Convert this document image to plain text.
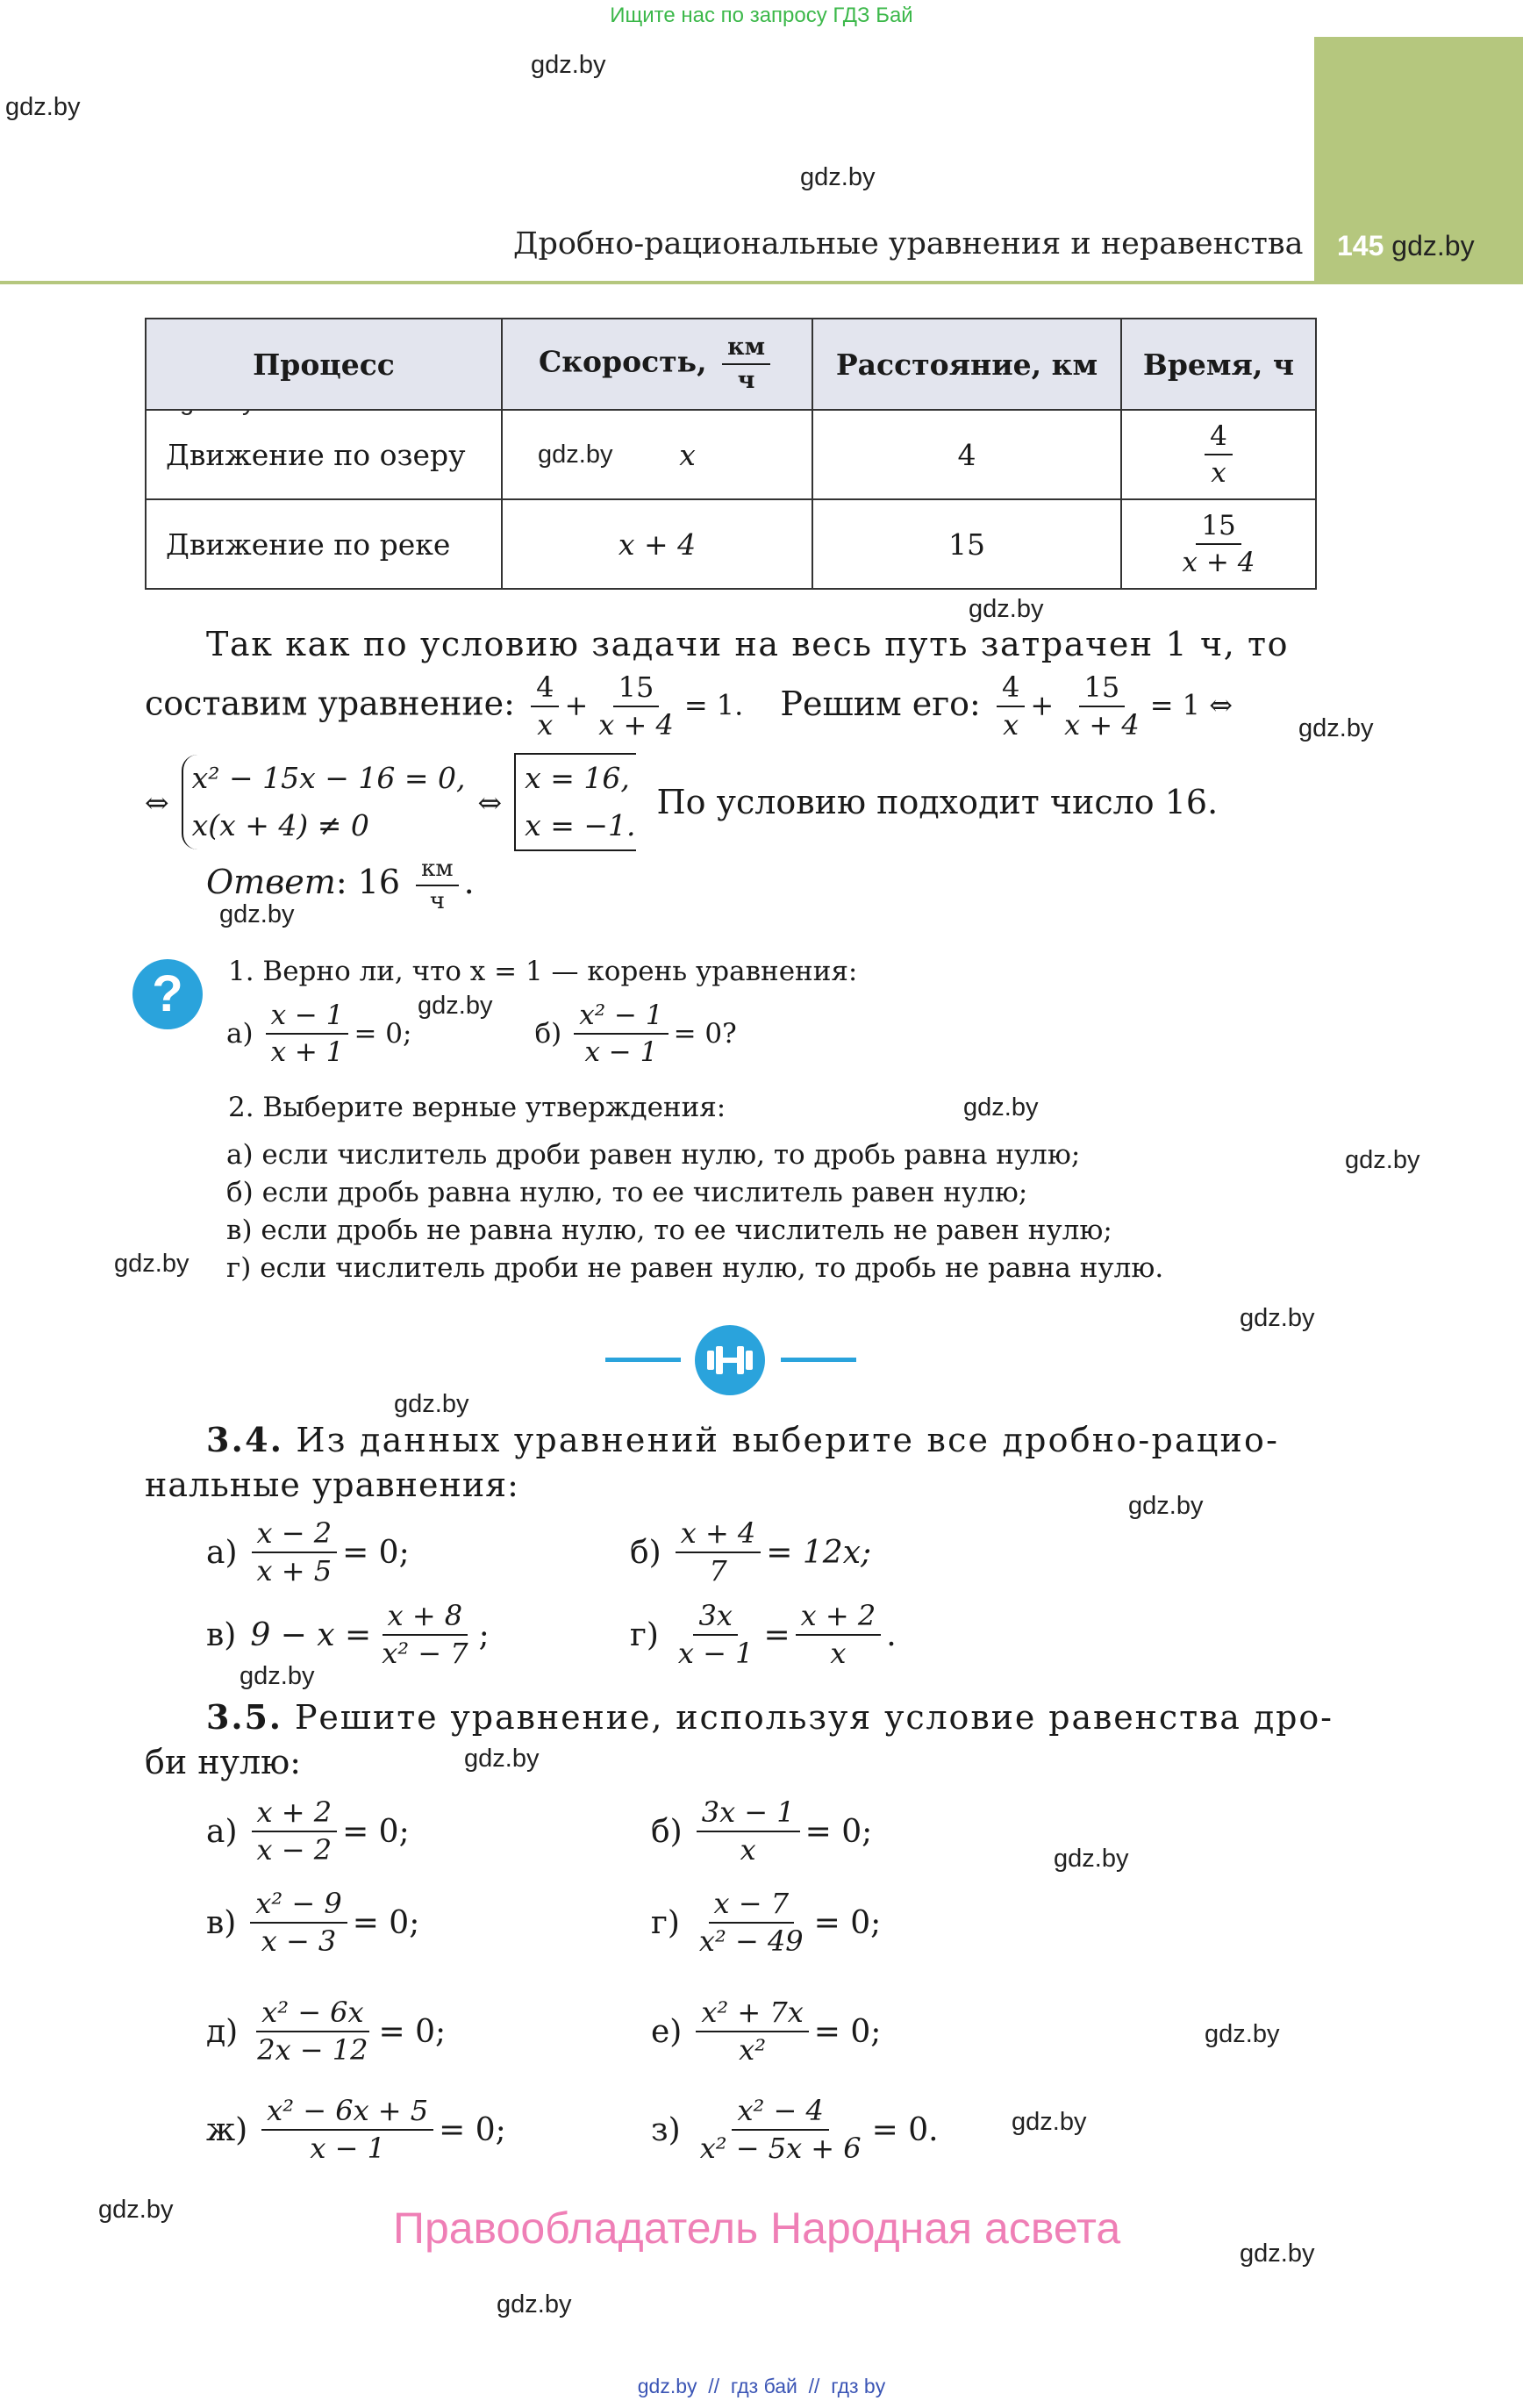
Ищите нас по запросу ГДЗ Бай
Дробно-рациональные уравнения и неравенства 145 gdz.by
gdz.by
gdz.by
gdz.by
gdz.by
gdz.by
gdz.by
gdz.by
gdz.by
gdz.by
gdz.by
gdz.by
gdz.by
gdz.by
gdz.by
gdz.by
gdz.by
gdz.by
gdz.by
gdz.by
gdz.by
gdz.by
Процесс	Скорость, $\frac{км}{ч}$	Расстояние, км	Время, ч
Движение по озеру	x	4	$\frac{4}{x}$

Движение по реке	x + 4	15	$\frac{15}{x + 4}$
gdz.by
Так как по условию задачи на весь путь затрачен 1 ч, то
составим уравнение: $\frac{4}{x} + \frac{15}{x + 4} = 1$. Решим его: $\frac{4}{x} + \frac{15}{x + 4} = 1$ ⇔
⇔
x² − 15x − 16 = 0,
x(x + 4) ≠ 0
⇔
x = 16,
x = −1.
По условию подходит число 16.
Ответ: $16 \frac{км}{ч}$ .
?	1. Верно ли, что x = 1 — корень уравнения:
$а) \frac{x - 1}{x + 1} = 0$;	$б) \frac{\text{x² − 1}}{x - 1} = 0$?
2. Выберите верные утверждения:
а) если числитель дроби равен нулю, то дробь равна нулю;
б) если дробь равна нулю, то ее числитель равен нулю;
в) если дробь не равна нулю, то ее числитель не равен нулю;
г) если числитель дроби не равен нулю, то дробь не равна нулю.
3.4. Из данных уравнений выберите все дробно-рацио-
нальные уравнения:
$а) \frac{x - 2}{x + 5} = 0$;	$б) \frac{x + 4}{7} = 12x$;
в) $9 - x = \frac{x + 8}{\text{x² − 7}}$ ;	$г) \frac{3x}{x - 1} = \frac{x + 2}{x}$ .
3.5. Решите уравнение, используя условие равенства дро-
би нулю:
$а) \frac{x + 2}{x - 2} = 0$;	$б) \frac{3x - 1}{x} = 0$;
$в) \frac{\text{x² − 9}}{x - 3} = 0$;	$г) \frac{x - 7}{\text{x² − 49}} = 0$;
$д) \frac{\text{x² − 6x}}{2x - 12} = 0$;	$е) \frac{\text{x² + 7x}}{\text{x²}} = 0$;
$ж) \frac{\text{x² − 6x + 5}}{x - 1} = 0$;	$з) \frac{\text{x² − 4}}{\text{x² − 5x + 6}} = 0$.
Правообладатель Народная асвета
gdz.by  //  гдз бай  //  гдз by
